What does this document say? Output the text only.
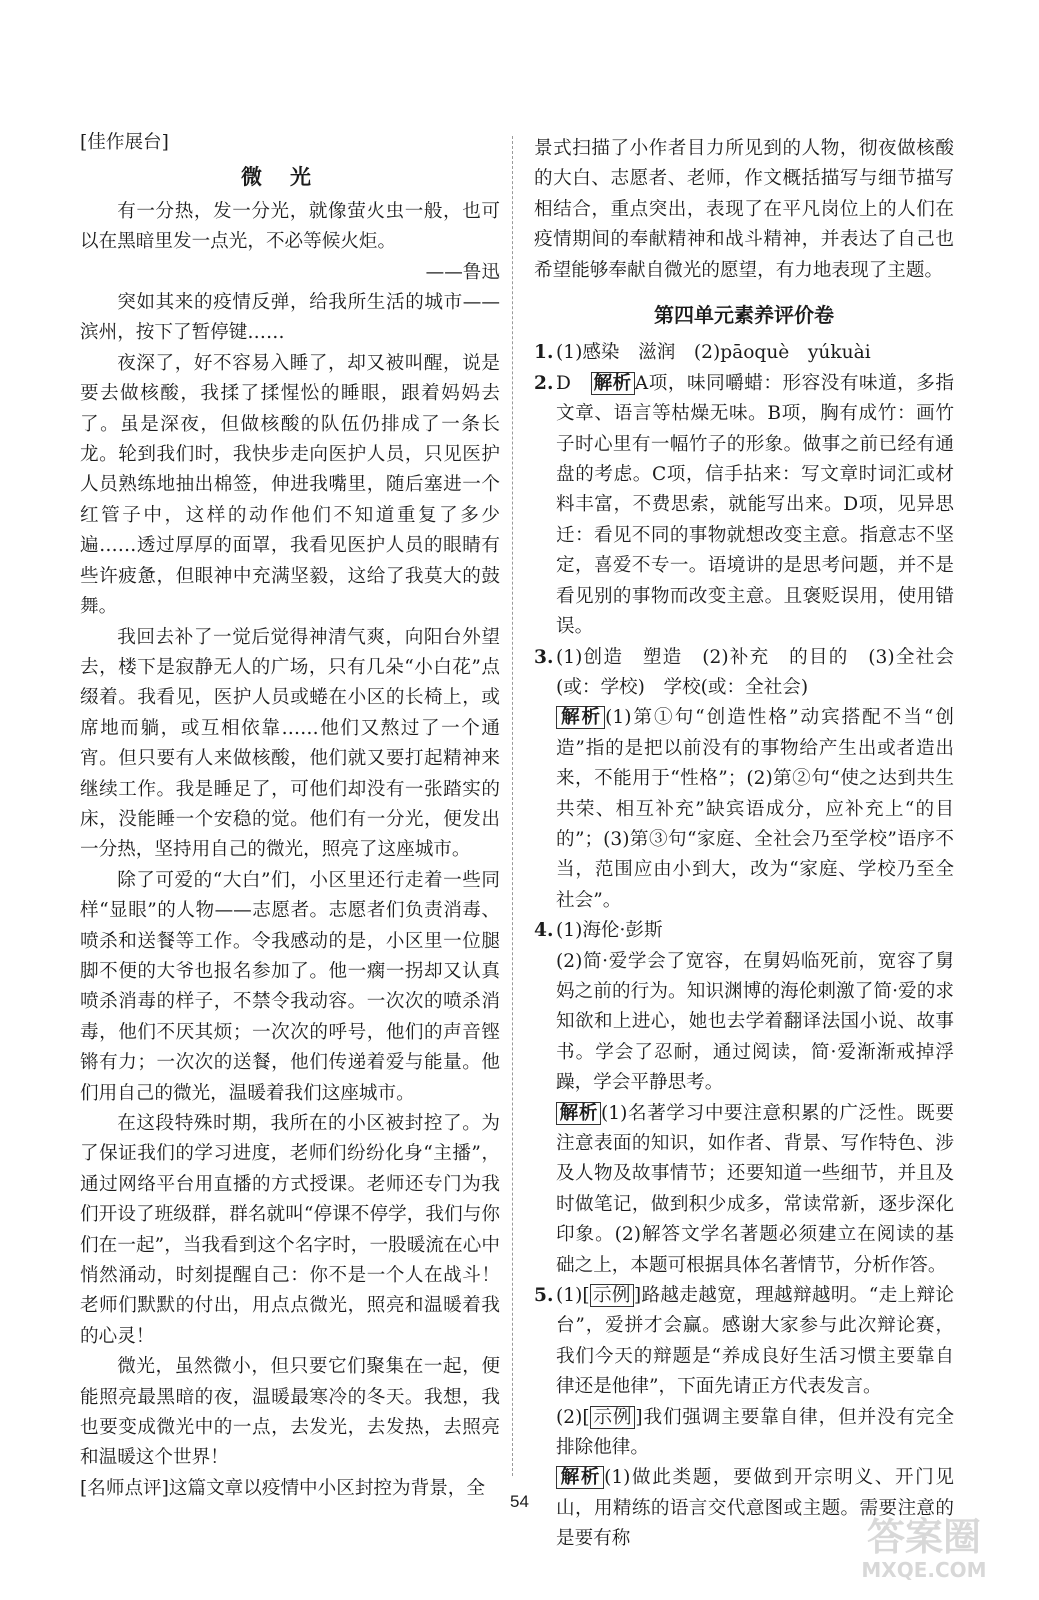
[佳作展台]
微光

有一分热，发一分光，就像萤火虫一般，也可以在黑暗里发一点光，不必等候火炬。

——鲁迅

突如其来的疫情反弹，给我所生活的城市——滨州，按下了暂停键……

夜深了，好不容易入睡了，却又被叫醒，说是要去做核酸，我揉了揉惺忪的睡眼，跟着妈妈去了。虽是深夜，但做核酸的队伍仍排成了一条长龙。轮到我们时，我快步走向医护人员，只见医护人员熟练地抽出棉签，伸进我嘴里，随后塞进一个红管子中，这样的动作他们不知道重复了多少遍……透过厚厚的面罩，我看见医护人员的眼睛有些许疲惫，但眼神中充满坚毅，这给了我莫大的鼓舞。

我回去补了一觉后觉得神清气爽，向阳台外望去，楼下是寂静无人的广场，只有几朵“小白花”点缀着。我看见，医护人员或蜷在小区的长椅上，或席地而躺，或互相依靠……他们又熬过了一个通宵。但只要有人来做核酸，他们就又要打起精神来继续工作。我是睡足了，可他们却没有一张踏实的床，没能睡一个安稳的觉。他们有一分光，便发出一分热，坚持用自己的微光，照亮了这座城市。

除了可爱的“大白”们，小区里还行走着一些同样“显眼”的人物——志愿者。志愿者们负责消毒、喷杀和送餐等工作。令我感动的是，小区里一位腿脚不便的大爷也报名参加了。他一瘸一拐却又认真喷杀消毒的样子，不禁令我动容。一次次的喷杀消毒，他们不厌其烦；一次次的呼号，他们的声音铿锵有力；一次次的送餐，他们传递着爱与能量。他们用自己的微光，温暖着我们这座城市。

在这段特殊时期，我所在的小区被封控了。为了保证我们的学习进度，老师们纷纷化身“主播”，通过网络平台用直播的方式授课。老师还专门为我们开设了班级群，群名就叫“停课不停学，我们与你们在一起”，当我看到这个名字时，一股暖流在心中悄然涌动，时刻提醒自己：你不是一个人在战斗！老师们默默的付出，用点点微光，照亮和温暖着我的心灵！

微光，虽然微小，但只要它们聚集在一起，便能照亮最黑暗的夜，温暖最寒冷的冬天。我想，我也要变成微光中的一点，去发光，去发热，去照亮和温暖这个世界！

[名师点评]这篇文章以疫情中小区封控为背景，全

景式扫描了小作者目力所见到的人物，彻夜做核酸的大白、志愿者、老师，作文概括描写与细节描写相结合，重点突出，表现了在平凡岗位上的人们在疫情期间的奉献精神和战斗精神，并表达了自己也希望能够奉献自微光的愿望，有力地表现了主题。

第四单元素养评价卷

1. (1)感染　滋润　(2)pāoquè　yúkuài

2. D　 解析 A项，味同嚼蜡：形容没有味道，多指文章、语言等枯燥无味。B项，胸有成竹：画竹子时心里有一幅竹子的形象。做事之前已经有通盘的考虑。C项，信手拈来：写文章时词汇或材料丰富，不费思索，就能写出来。D项，见异思迁：看见不同的事物就想改变主意。指意志不坚定，喜爱不专一。语境讲的是思考问题，并不是看见别的事物而改变主意。且褒贬误用，使用错误。

3. (1)创造　塑造　(2)补充　的目的　(3)全社会(或：学校)　学校(或：全社会)

解析 (1)第①句“创造性格”动宾搭配不当“创造”指的是把以前没有的事物给产生出或者造出来，不能用于“性格”；(2)第②句“使之达到共生共荣、相互补充”缺宾语成分，应补充上“的目的”；(3)第③句“家庭、全社会乃至学校”语序不当，范围应由小到大，改为“家庭、学校乃至全社会”。

4. (1)海伦·彭斯

(2)简·爱学会了宽容，在舅妈临死前，宽容了舅妈之前的行为。知识渊博的海伦刺激了简·爱的求知欲和上进心，她也去学着翻译法国小说、故事书。学会了忍耐，通过阅读，简·爱渐渐戒掉浮躁，学会平静思考。

解析 (1)名著学习中要注意积累的广泛性。既要注意表面的知识，如作者、背景、写作特色、涉及人物及故事情节；还要知道一些细节，并且及时做笔记，做到积少成多，常读常新，逐步深化印象。(2)解答文学名著题必须建立在阅读的基础之上，本题可根据具体名著情节，分析作答。

5. (1)[ 示例 ]路越走越宽，理越辩越明。“走上辩论台”，爱拼才会赢。感谢大家参与此次辩论赛，我们今天的辩题是“养成良好生活习惯主要靠自律还是他律”，下面先请正方代表发言。

(2)[ 示例 ]我们强调主要靠自律，但并没有完全排除他律。

解析 (1)做此类题，要做到开宗明义、开门见山，用精练的语言交代意图或主题。需要注意的是要有称

54
答案圈
MXQE.COM
